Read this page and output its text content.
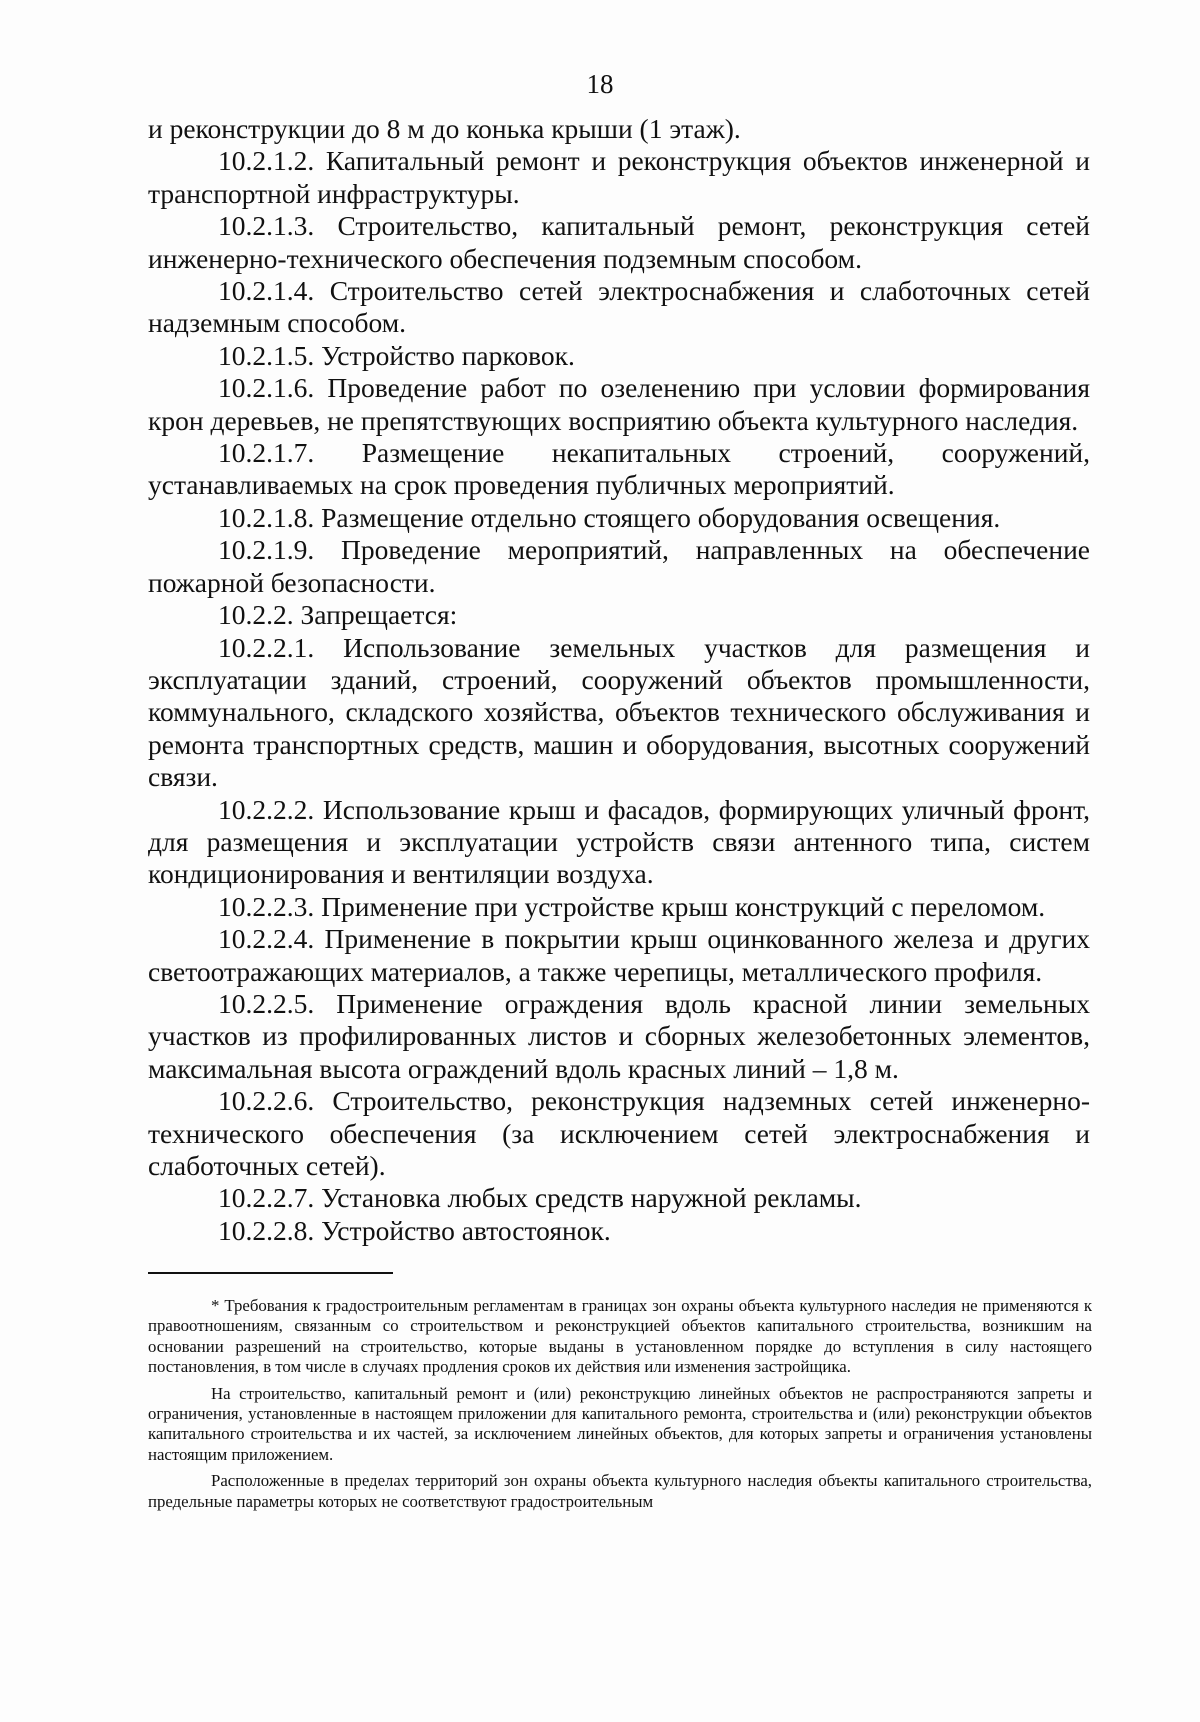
18

и реконструкции до 8 м до конька крыши (1 этаж).

10.2.1.2. Капитальный ремонт и реконструкция объектов инженерной и транспортной инфраструктуры.

10.2.1.3. Строительство, капитальный ремонт, реконструкция сетей инженерно-технического обеспечения подземным способом.

10.2.1.4. Строительство сетей электроснабжения и слаботочных сетей надземным способом.

10.2.1.5. Устройство парковок.

10.2.1.6. Проведение работ по озеленению при условии формирования крон деревьев, не препятствующих восприятию объекта культурного наследия.

10.2.1.7. Размещение некапитальных строений, сооружений, устанавливаемых на срок проведения публичных мероприятий.

10.2.1.8. Размещение отдельно стоящего оборудования освещения.

10.2.1.9. Проведение мероприятий, направленных на обеспечение пожарной безопасности.

10.2.2. Запрещается:

10.2.2.1. Использование земельных участков для размещения и эксплуатации зданий, строений, сооружений объектов промышленности, коммунального, складского хозяйства, объектов технического обслуживания и ремонта транспортных средств, машин и оборудования, высотных сооружений связи.

10.2.2.2. Использование крыш и фасадов, формирующих уличный фронт, для размещения и эксплуатации устройств связи антенного типа, систем кондиционирования и вентиляции воздуха.

10.2.2.3. Применение при устройстве крыш конструкций с переломом.

10.2.2.4. Применение в покрытии крыш оцинкованного железа и других светоотражающих материалов, а также черепицы, металлического профиля.

10.2.2.5. Применение ограждения вдоль красной линии земельных участков из профилированных листов и сборных железобетонных элементов, максимальная высота ограждений вдоль красных линий – 1,8 м.

10.2.2.6. Строительство, реконструкция надземных сетей инженерно-технического обеспечения (за исключением сетей электроснабжения и слаботочных сетей).

10.2.2.7. Установка любых средств наружной рекламы.

10.2.2.8. Устройство автостоянок.

* Требования к градостроительным регламентам в границах зон охраны объекта культурного наследия не применяются к правоотношениям, связанным со строительством и реконструкцией объектов капитального строительства, возникшим на основании разрешений на строительство, которые выданы в установленном порядке до вступления в силу настоящего постановления, в том числе в случаях продления сроков их действия или изменения застройщика.

На строительство, капитальный ремонт и (или) реконструкцию линейных объектов не распространяются запреты и ограничения, установленные в настоящем приложении для капитального ремонта, строительства и (или) реконструкции объектов капитального строительства и их частей, за исключением линейных объектов, для которых запреты и ограничения установлены настоящим приложением.

Расположенные в пределах территорий зон охраны объекта культурного наследия объекты капитального строительства, предельные параметры которых не соответствуют градостроительным
